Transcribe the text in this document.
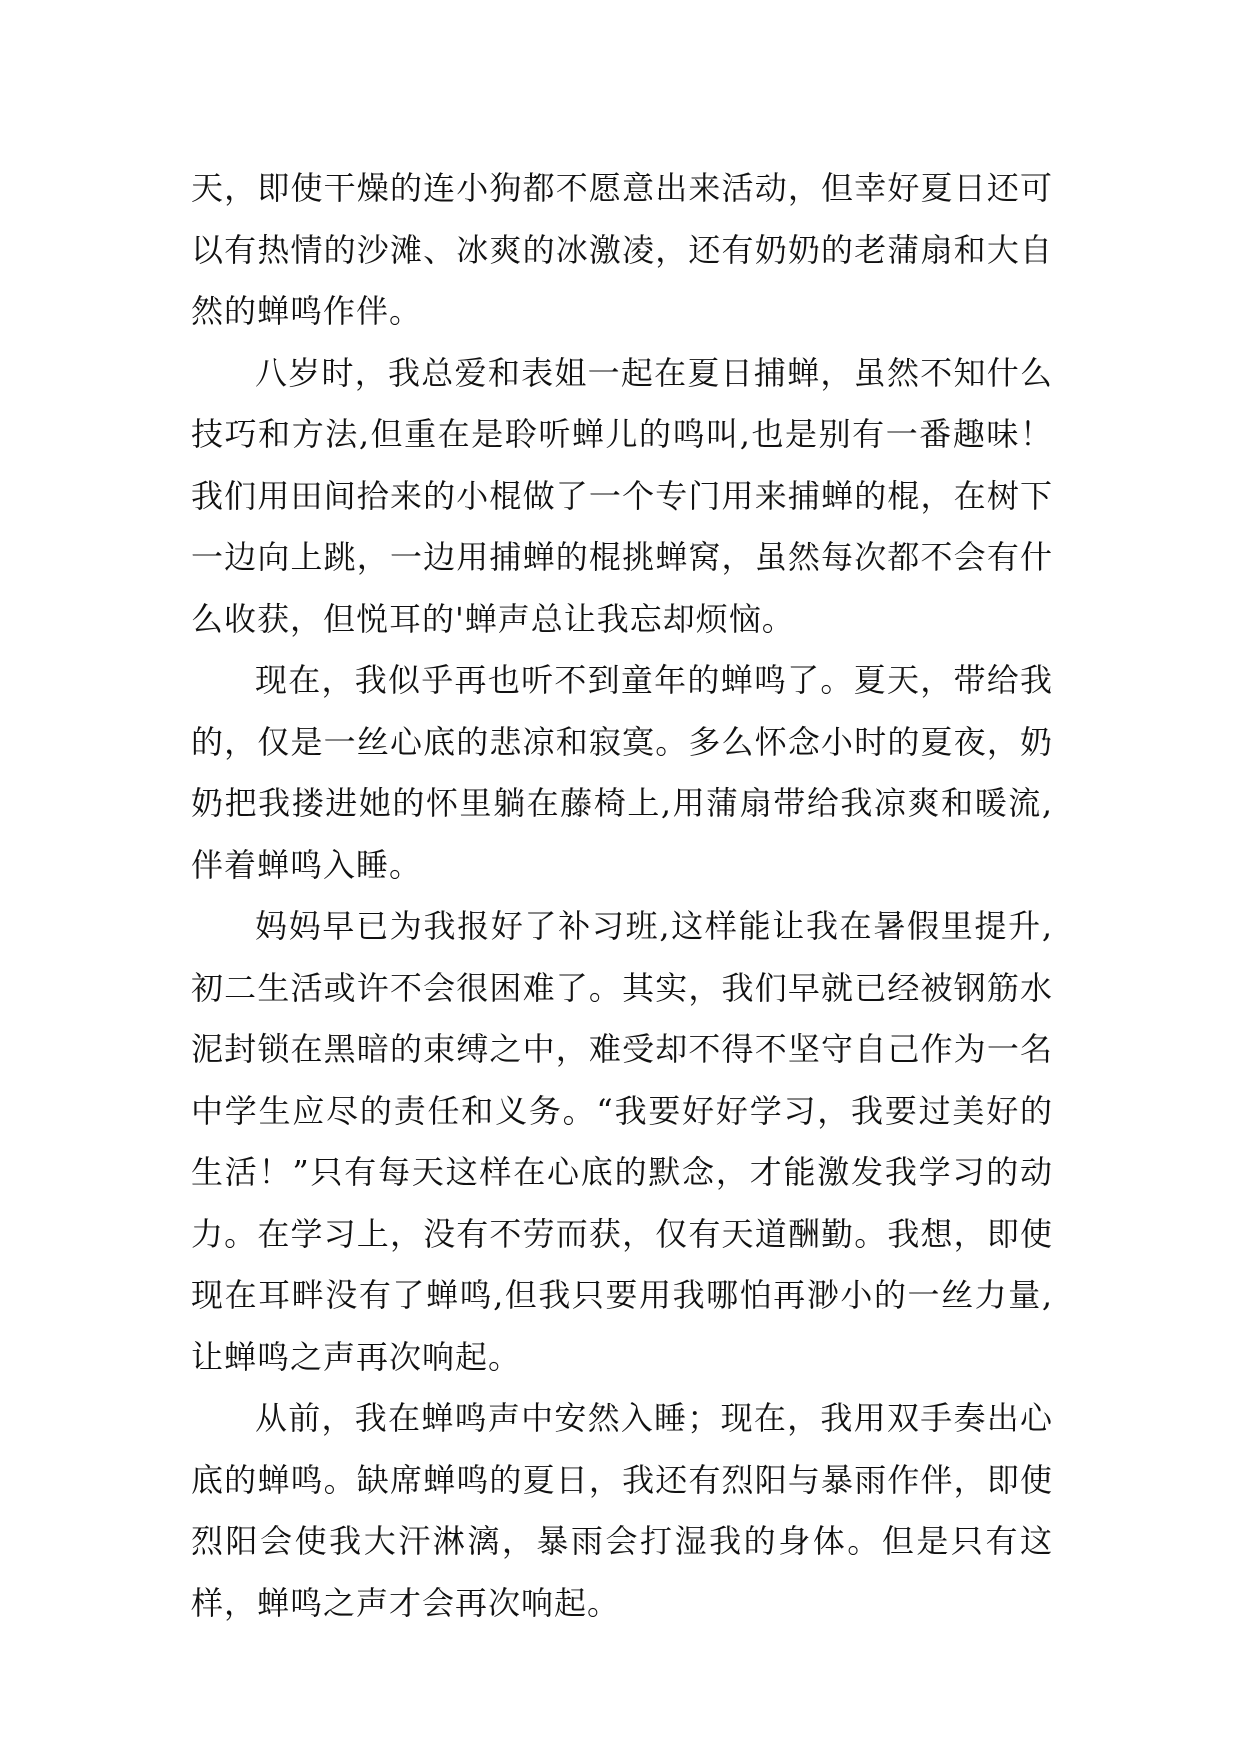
天，即使干燥的连小狗都不愿意出来活动，但幸好夏日还可以有热情的沙滩、冰爽的冰激凌，还有奶奶的老蒲扇和大自然的蝉鸣作伴。

八岁时，我总爱和表姐一起在夏日捕蝉，虽然不知什么技巧和方法,但重在是聆听蝉儿的鸣叫,也是别有一番趣味！我们用田间拾来的小棍做了一个专门用来捕蝉的棍，在树下一边向上跳，一边用捕蝉的棍挑蝉窝，虽然每次都不会有什么收获，但悦耳的'蝉声总让我忘却烦恼。

现在，我似乎再也听不到童年的蝉鸣了。夏天，带给我的，仅是一丝心底的悲凉和寂寞。多么怀念小时的夏夜，奶奶把我搂进她的怀里躺在藤椅上,用蒲扇带给我凉爽和暖流,伴着蝉鸣入睡。

妈妈早已为我报好了补习班,这样能让我在暑假里提升,初二生活或许不会很困难了。其实，我们早就已经被钢筋水泥封锁在黑暗的束缚之中，难受却不得不坚守自己作为一名中学生应尽的责任和义务。“我要好好学习，我要过美好的生活！”只有每天这样在心底的默念，才能激发我学习的动力。在学习上，没有不劳而获，仅有天道酬勤。我想，即使现在耳畔没有了蝉鸣,但我只要用我哪怕再渺小的一丝力量,让蝉鸣之声再次响起。

从前，我在蝉鸣声中安然入睡；现在，我用双手奏出心底的蝉鸣。缺席蝉鸣的夏日，我还有烈阳与暴雨作伴，即使烈阳会使我大汗淋漓，暴雨会打湿我的身体。但是只有这样，蝉鸣之声才会再次响起。
